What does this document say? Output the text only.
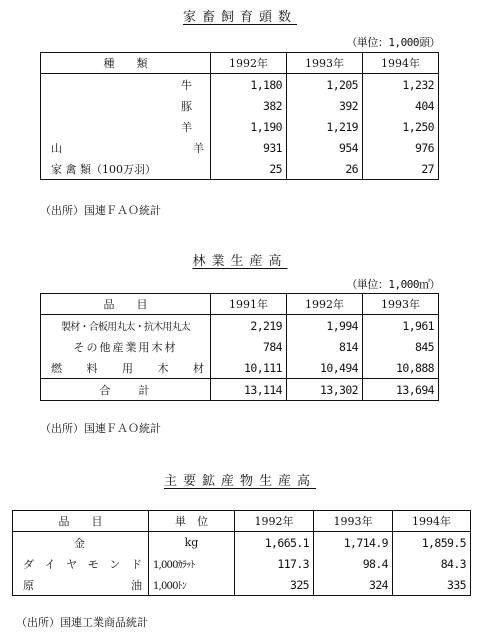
家畜飼育頭数
（単位：1,000頭）
種　　類	1992年	1993年	1994年
牛	1,180	1,205	1,232
豚	382	392	404
羊	1,190	1,219	1,250
山　　　羊	931	954	976
家 禽 類（100万羽）	25	26	27
（出所）国連ＦＡＯ統計
林業生産高
（単位：1,000㎥）
品　　目	1991年	1992年	1993年
製材・合板用丸太・抗木用丸太	2,219	1,994	1,961
その他産業用木材	784	814	845
燃料用木材	10,111	10,494	10,888
合　　計	13,114	13,302	13,694
（出所）国連ＦＡＯ統計
主要鉱産物生産高
品　　目	単　位	1992年	1993年	1994年
金	kg	1,665.1	1,714.9	1,859.5
ダイヤモンド	1,000ｶﾗｯﾄ	117.3	98.4	84.3
原　　　油	1,000ﾄﾝ	325	324	335
（出所）国連工業商品統計
